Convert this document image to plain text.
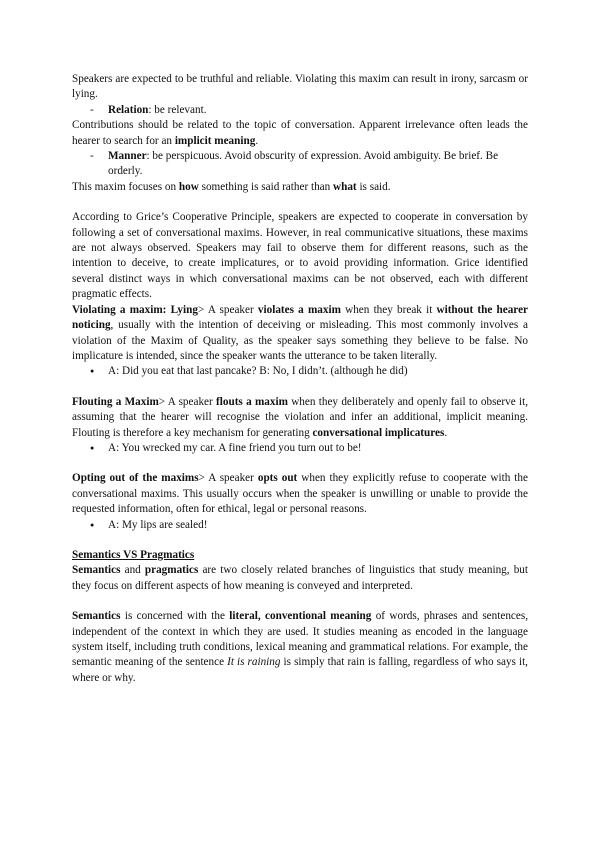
Speakers are expected to be truthful and reliable. Violating this maxim can result in irony, sarcasm or lying.

- Relation: be relevant.

Contributions should be related to the topic of conversation. Apparent irrelevance often leads the hearer to search for an implicit meaning.

- Manner: be perspicuous. Avoid obscurity of expression. Avoid ambiguity. Be brief. Be orderly.

This maxim focuses on how something is said rather than what is said.

According to Grice’s Cooperative Principle, speakers are expected to cooperate in conversation by following a set of conversational maxims. However, in real communicative situations, these maxims are not always observed. Speakers may fail to observe them for different reasons, such as the intention to deceive, to create implicatures, or to avoid providing information. Grice identified several distinct ways in which conversational maxims can be not observed, each with different pragmatic effects.

Violating a maxim: Lying> A speaker violates a maxim when they break it without the hearer noticing, usually with the intention of deceiving or misleading. This most commonly involves a violation of the Maxim of Quality, as the speaker says something they believe to be false. No implicature is intended, since the speaker wants the utterance to be taken literally.

● A: Did you eat that last pancake? B: No, I didn’t. (although he did)

Flouting a Maxim> A speaker flouts a maxim when they deliberately and openly fail to observe it, assuming that the hearer will recognise the violation and infer an additional, implicit meaning. Flouting is therefore a key mechanism for generating conversational implicatures.

● A: You wrecked my car. A fine friend you turn out to be!

Opting out of the maxims> A speaker opts out when they explicitly refuse to cooperate with the conversational maxims. This usually occurs when the speaker is unwilling or unable to provide the requested information, often for ethical, legal or personal reasons.

● A: My lips are sealed!

Semantics VS Pragmatics

Semantics and pragmatics are two closely related branches of linguistics that study meaning, but they focus on different aspects of how meaning is conveyed and interpreted.

Semantics is concerned with the literal, conventional meaning of words, phrases and sentences, independent of the context in which they are used. It studies meaning as encoded in the language system itself, including truth conditions, lexical meaning and grammatical relations. For example, the semantic meaning of the sentence It is raining is simply that rain is falling, regardless of who says it, where or why.
